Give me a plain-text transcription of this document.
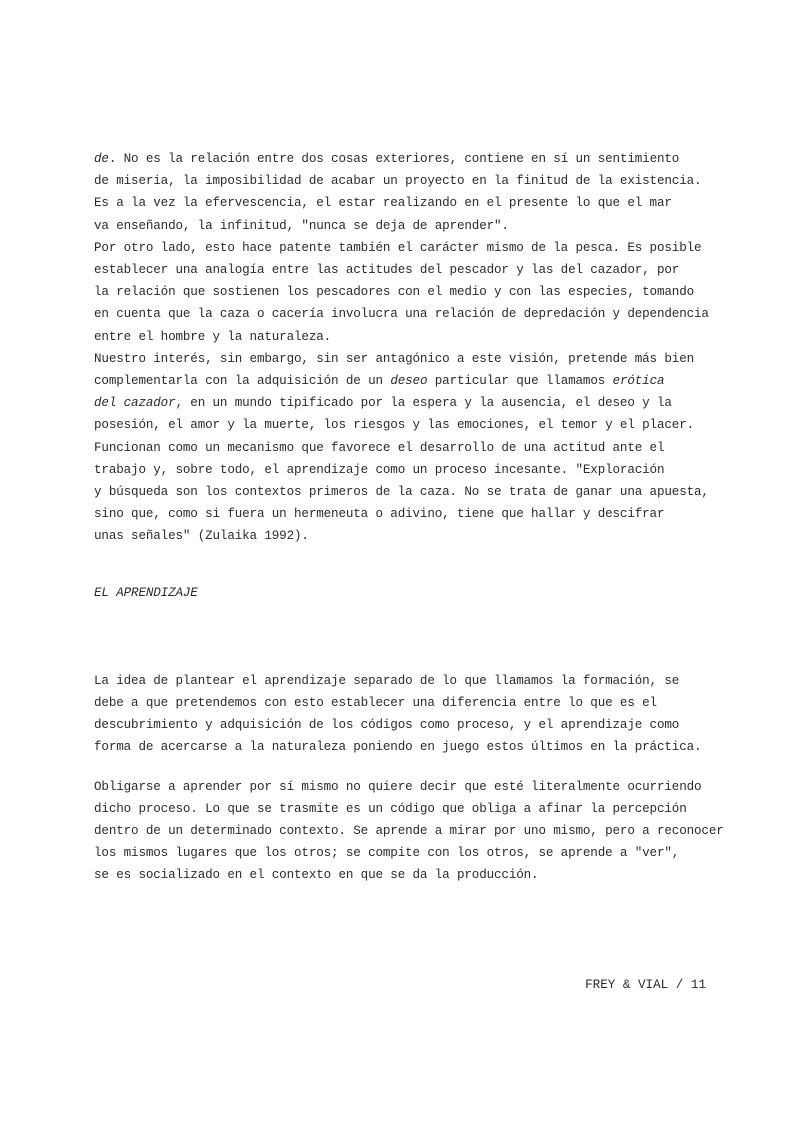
de. No es la relación entre dos cosas exteriores, contiene en sí un sentimiento
de miseria, la imposibilidad de acabar un proyecto en la finitud de la existencia.
Es a la vez la efervescencia, el estar realizando en el presente lo que el mar
va enseñando, la infinitud, "nunca se deja de aprender".
Por otro lado, esto hace patente también el carácter mismo de la pesca. Es posible
establecer una analogía entre las actitudes del pescador y las del cazador, por
la relación que sostienen los pescadores con el medio y con las especies, tomando
en cuenta que la caza o cacería involucra una relación de depredación y dependencia
entre el hombre y la naturaleza.
Nuestro interés, sin embargo, sin ser antagónico a este visión, pretende más bien
complementarla con la adquisición de un deseo particular que llamamos erótica
del cazador, en un mundo tipificado por la espera y la ausencia, el deseo y la
posesión, el amor y la muerte, los riesgos y las emociones, el temor y el placer.
Funcionan como un mecanismo que favorece el desarrollo de una actitud ante el
trabajo y, sobre todo, el aprendizaje como un proceso incesante. "Exploración
y búsqueda son los contextos primeros de la caza. No se trata de ganar una apuesta,
sino que, como si fuera un hermeneuta o adivino, tiene que hallar y descifrar
unas señales" (Zulaika 1992).
EL APRENDIZAJE
La idea de plantear el aprendizaje separado de lo que llamamos la formación, se
debe a que pretendemos con esto establecer una diferencia entre lo que es el
descubrimiento y adquisición de los códigos como proceso, y el aprendizaje como
forma de acercarse a la naturaleza poniendo en juego estos últimos en la práctica.
Obligarse a aprender por sí mismo no quiere decir que esté literalmente ocurriendo
dicho proceso. Lo que se trasmite es un código que obliga a afinar la percepción
dentro de un determinado contexto. Se aprende a mirar por uno mismo, pero a reconocer
los mismos lugares que los otros; se compite con los otros, se aprende a "ver",
se es socializado en el contexto en que se da la producción.
FREY & VIAL / 11
